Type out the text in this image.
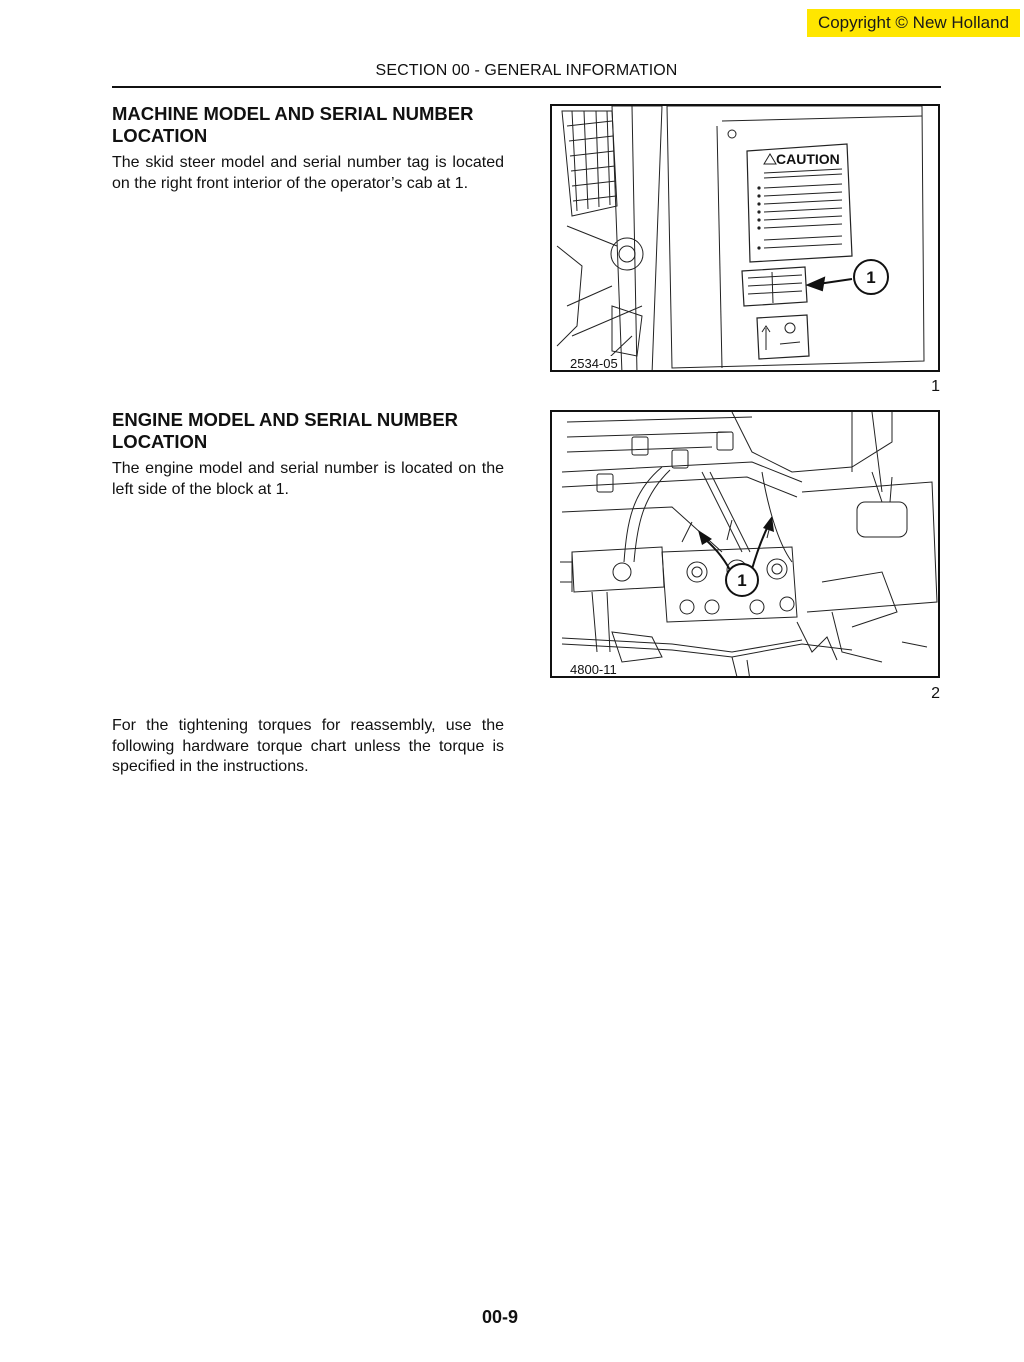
Copyright © New Holland
SECTION 00 - GENERAL INFORMATION
MACHINE MODEL AND SERIAL NUMBER LOCATION

The skid steer model and serial number tag is located on the right front interior of the operator’s cab at 1.

CAUTION
1
2534-05
1
ENGINE MODEL AND SERIAL NUMBER LOCATION

The engine model and serial number is located on the left side of the block at 1.

1
4800-11
2

For the tightening torques for reassembly, use the following hardware torque chart unless the torque is specified in the instructions.

00-9
